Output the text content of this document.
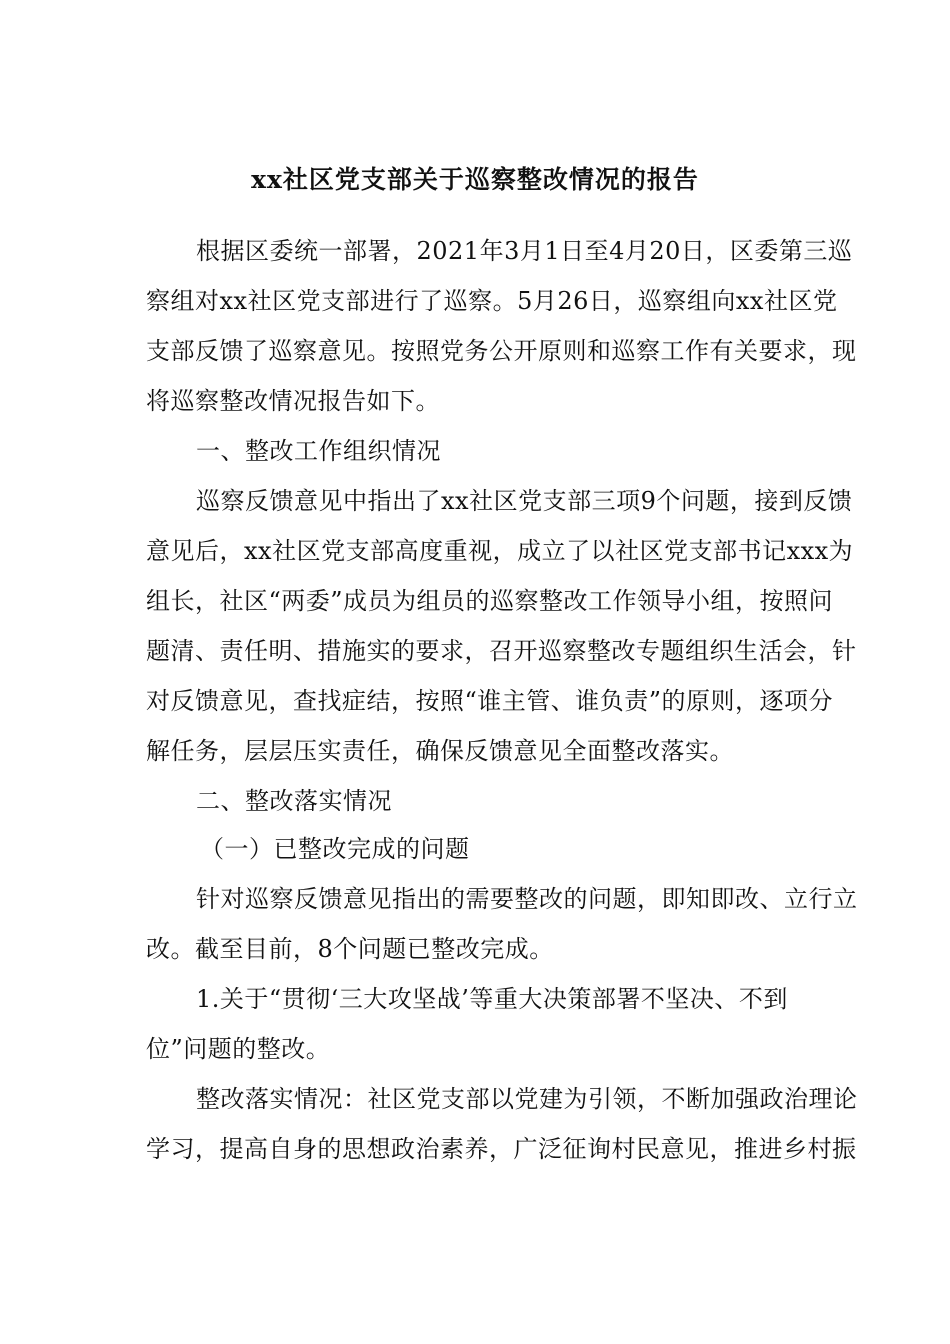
xx社区党支部关于巡察整改情况的报告
根据区委统一部署，2021年3月1日至4月20日，区委第三巡
察组对xx社区党支部进行了巡察。5月26日，巡察组向xx社区党
支部反馈了巡察意见。按照党务公开原则和巡察工作有关要求，现
将巡察整改情况报告如下。
一、整改工作组织情况
巡察反馈意见中指出了xx社区党支部三项9个问题，接到反馈
意见后，xx社区党支部高度重视，成立了以社区党支部书记xxx为
组长，社区“两委”成员为组员的巡察整改工作领导小组，按照问
题清、责任明、措施实的要求，召开巡察整改专题组织生活会，针
对反馈意见，查找症结，按照“谁主管、谁负责”的原则，逐项分
解任务，层层压实责任，确保反馈意见全面整改落实。
二、整改落实情况
（一）已整改完成的问题
针对巡察反馈意见指出的需要整改的问题，即知即改、立行立
改。截至目前，8个问题已整改完成。
1.关于“贯彻‘三大攻坚战’等重大决策部署不坚决、不到
位”问题的整改。
整改落实情况：社区党支部以党建为引领，不断加强政治理论
学习，提高自身的思想政治素养，广泛征询村民意见，推进乡村振
